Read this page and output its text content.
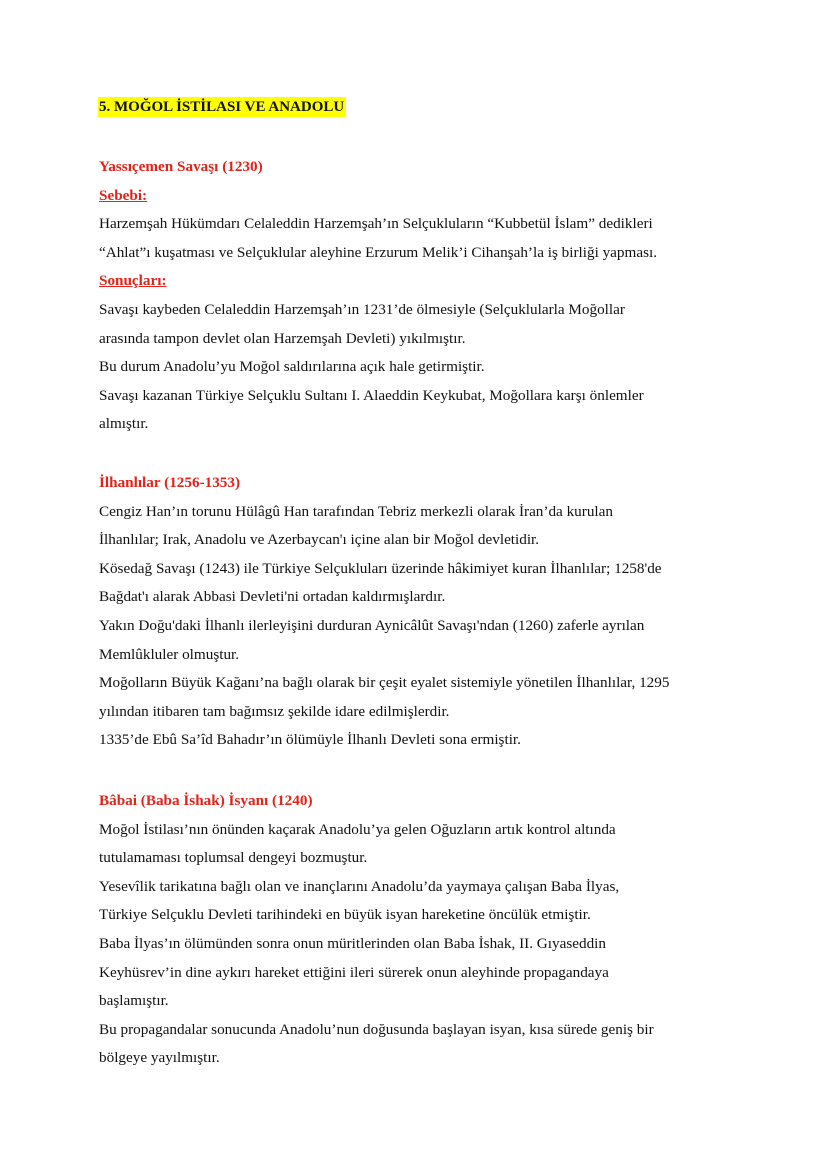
5. MOĞOL İSTİLASI VE ANADOLU
Yassıçemen Savaşı (1230)
Sebebi:
Harzemşah Hükümdarı Celaleddin Harzemşah’ın Selçukluların “Kubbetül İslam” dedikleri
“Ahlat”ı kuşatması ve Selçuklular aleyhine Erzurum Melik’i Cihanşah’la iş birliği yapması.
Sonuçları:
Savaşı kaybeden Celaleddin Harzemşah’ın 1231’de ölmesiyle (Selçuklularla Moğollar
arasında tampon devlet olan Harzemşah Devleti) yıkılmıştır.
Bu durum Anadolu’yu Moğol saldırılarına açık hale getirmiştir.
Savaşı kazanan Türkiye Selçuklu Sultanı I. Alaeddin Keykubat, Moğollara karşı önlemler
almıştır.
İlhanlılar (1256-1353)
Cengiz Han’ın torunu Hülâgû Han tarafından Tebriz merkezli olarak İran’da kurulan
İlhanlılar; Irak, Anadolu ve Azerbaycan'ı içine alan bir Moğol devletidir.
Kösedağ Savaşı (1243) ile Türkiye Selçukluları üzerinde hâkimiyet kuran İlhanlılar; 1258'de
Bağdat'ı alarak Abbasi Devleti'ni ortadan kaldırmışlardır.
Yakın Doğu'daki İlhanlı ilerleyişini durduran Aynicâlût Savaşı'ndan (1260) zaferle ayrılan
Memlûkluler olmuştur.
Moğolların Büyük Kağanı’na bağlı olarak bir çeşit eyalet sistemiyle yönetilen İlhanlılar, 1295
yılından itibaren tam bağımsız şekilde idare edilmişlerdir.
1335’de Ebû Sa’îd Bahadır’ın ölümüyle İlhanlı Devleti sona ermiştir.
Bâbai (Baba İshak) İsyanı (1240)
Moğol İstilası’nın önünden kaçarak Anadolu’ya gelen Oğuzların artık kontrol altında
tutulamaması toplumsal dengeyi bozmuştur.
Yesevîlik tarikatına bağlı olan ve inançlarını Anadolu’da yaymaya çalışan Baba İlyas,
Türkiye Selçuklu Devleti tarihindeki en büyük isyan hareketine öncülük etmiştir.
Baba İlyas’ın ölümünden sonra onun müritlerinden olan Baba İshak, II. Gıyaseddin
Keyhüsrev’in dine aykırı hareket ettiğini ileri sürerek onun aleyhinde propagandaya
başlamıştır.
Bu propagandalar sonucunda Anadolu’nun doğusunda başlayan isyan, kısa sürede geniş bir
bölgeye yayılmıştır.
